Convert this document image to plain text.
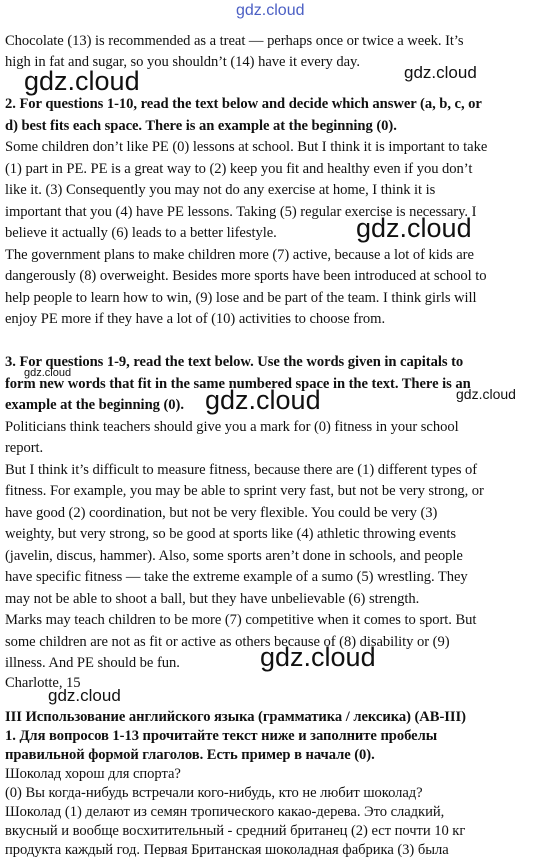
gdz.cloud
gdz.cloud	gdz.cloud
gdz.cloud
gdz.cloud
gdz.cloud	gdz.cloud
gdz.cloud
gdz.cloud
Chocolate (13) is recommended as a treat — perhaps once or twice a week. It’s
high in fat and sugar, so you shouldn’t (14) have it every day.
2. For questions 1-10, read the text below and decide which answer (a, b, c, or
d) best fits each space. There is an example at the beginning (0).
Some children don’t like PE (0) lessons at school. But I think it is important to take
(1) part in PE. PE is a great way to (2) keep you fit and healthy even if you don’t
like it. (3) Consequently you may not do any exercise at home, I think it is
important that you (4) have PE lessons. Taking (5) regular exercise is necessary. I
believe it actually (6) leads to a better lifestyle.
The government plans to make children more (7) active, because a lot of kids are
dangerously (8) overweight. Besides more sports have been introduced at school to
help people to learn how to win, (9) lose and be part of the team. I think girls will
enjoy PE more if they have a lot of (10) activities to choose from.
3. For questions 1-9, read the text below. Use the words given in capitals to
form new words that fit in the same numbered space in the text. There is an
example at the beginning (0).
Politicians think teachers should give you a mark for (0) fitness in your school
report.
But I think it’s difficult to measure fitness, because there are (1) different types of
fitness. For example, you may be able to sprint very fast, but not be very strong, or
have good (2) coordination, but not be very flexible. You could be very (3)
weighty, but very strong, so be good at sports like (4) athletic throwing events
(javelin, discus, hammer). Also, some sports aren’t done in schools, and people
have specific fitness — take the extreme example of a sumo (5) wrestling. They
may not be able to shoot a ball, but they have unbelievable (6) strength.
Marks may teach children to be more (7) competitive when it comes to sport. But
some children are not as fit or active as others because of (8) disability or (9)
illness. And PE should be fun.
Charlotte, 15
III Использование английского языка (грамматика / лексика) (АВ-III)
1. Для вопросов 1-13 прочитайте текст ниже и заполните пробелы
правильной формой глаголов. Есть пример в начале (0).
Шоколад хорош для спорта?
(0) Вы когда-нибудь встречали кого-нибудь, кто не любит шоколад?
Шоколад (1) делают из семян тропического какао-дерева. Это сладкий,
вкусный и вообще восхитительный - средний британец (2) ест почти 10 кг
продукта каждый год. Первая Британская шоколадная фабрика (3) была
